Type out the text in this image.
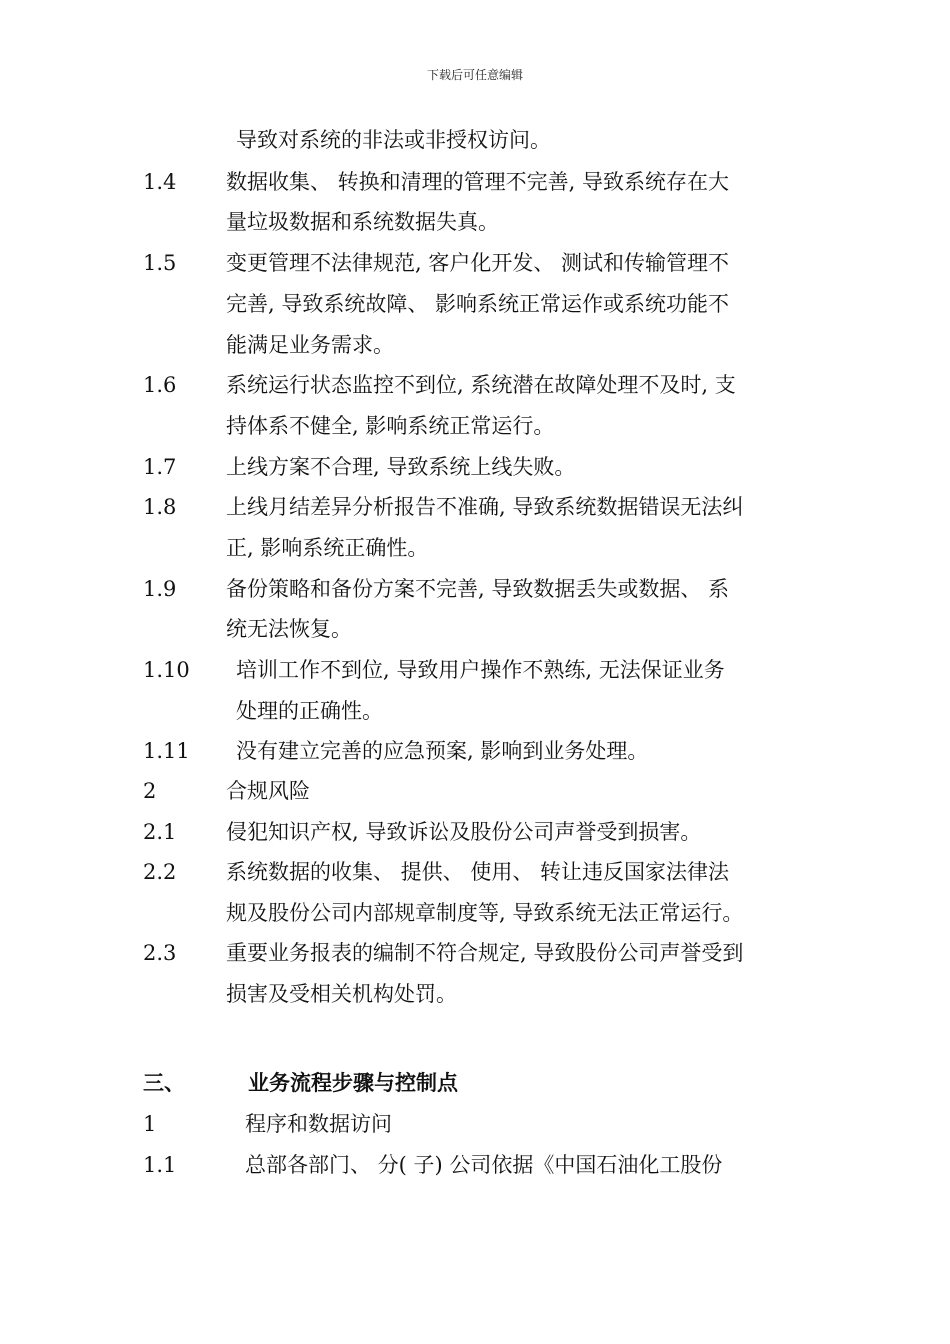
下载后可任意编辑
导致对系统的非法或非授权访问。
1.4 数据收集、 转换和清理的管理不完善, 导致系统存在大
量垃圾数据和系统数据失真。
1.5 变更管理不法律规范, 客户化开发、 测试和传输管理不
完善, 导致系统故障、 影响系统正常运作或系统功能不
能满足业务需求。
1.6 系统运行状态监控不到位, 系统潜在故障处理不及时, 支
持体系不健全, 影响系统正常运行。
1.7 上线方案不合理, 导致系统上线失败。
1.8 上线月结差异分析报告不准确, 导致系统数据错误无法纠
正, 影响系统正确性。
1.9 备份策略和备份方案不完善, 导致数据丢失或数据、 系
统无法恢复。
1.10 培训工作不到位, 导致用户操作不熟练, 无法保证业务
处理的正确性。
1.11 没有建立完善的应急预案, 影响到业务处理。
2	合规风险
2.1 侵犯知识产权, 导致诉讼及股份公司声誉受到损害。
2.2 系统数据的收集、 提供、 使用、 转让违反国家法律法
规及股份公司内部规章制度等, 导致系统无法正常运行。
2.3 重要业务报表的编制不符合规定, 导致股份公司声誉受到
损害及受相关机构处罚。
三、	业务流程步骤与控制点
1	程序和数据访问
1.1	总部各部门、 分( 子) 公司依据《中国石油化工股份
